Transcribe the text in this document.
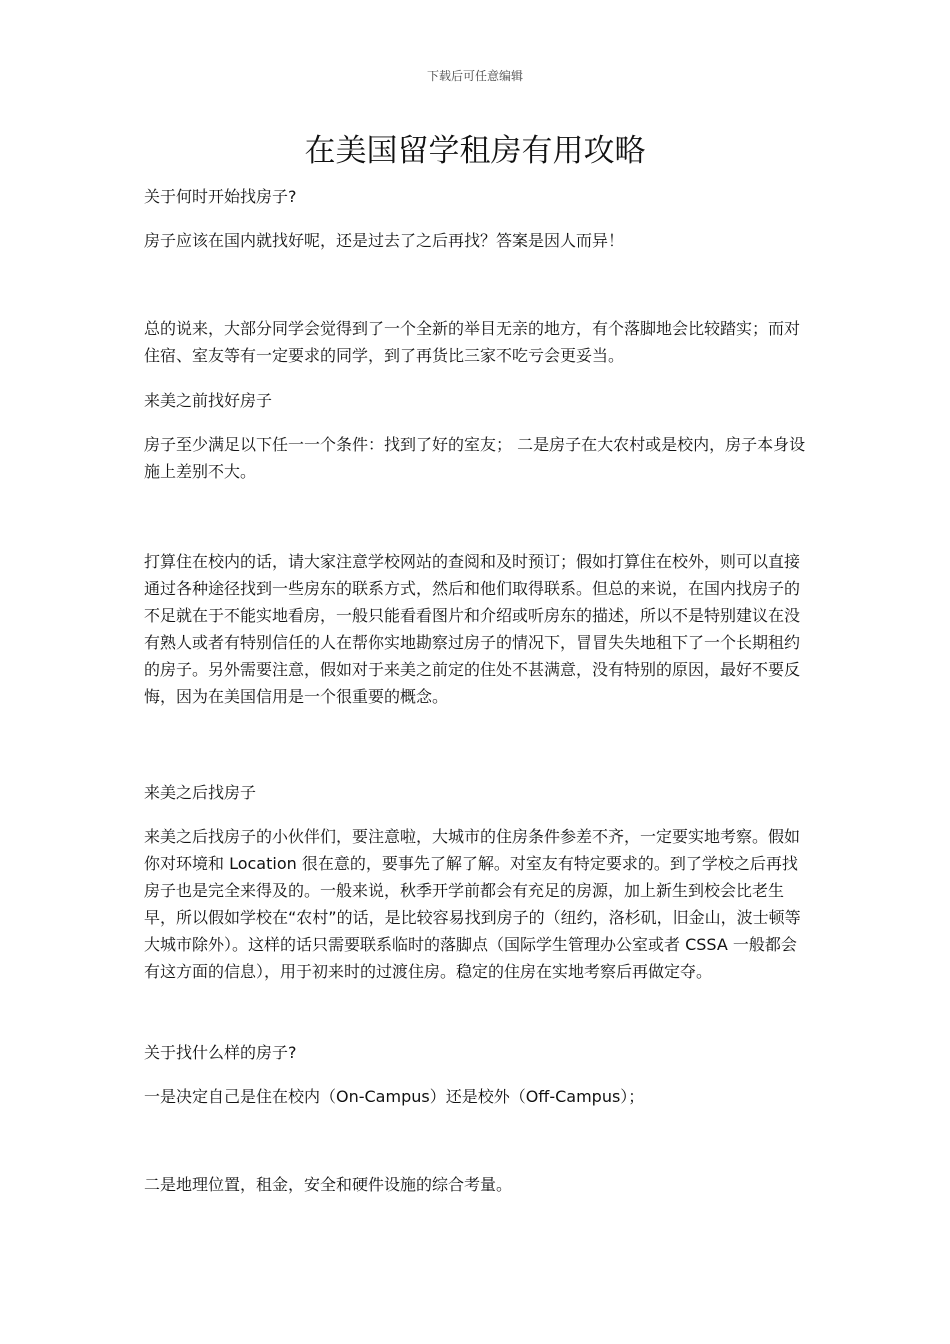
下载后可任意编辑
在美国留学租房有用攻略

关于何时开始找房子?

房子应该在国内就找好呢，还是过去了之后再找？答案是因人而异！

总的说来，大部分同学会觉得到了一个全新的举目无亲的地方，有个落脚地会比较踏实；而对住宿、室友等有一定要求的同学，到了再货比三家不吃亏会更妥当。

来美之前找好房子

房子至少满足以下任一一个条件：找到了好的室友； 二是房子在大农村或是校内，房子本身设施上差别不大。

打算住在校内的话，请大家注意学校网站的查阅和及时预订；假如打算住在校外，则可以直接通过各种途径找到一些房东的联系方式，然后和他们取得联系。但总的来说，在国内找房子的不足就在于不能实地看房，一般只能看看图片和介绍或听房东的描述，所以不是特别建议在没有熟人或者有特别信任的人在帮你实地勘察过房子的情况下，冒冒失失地租下了一个长期租约的房子。另外需要注意，假如对于来美之前定的住处不甚满意，没有特别的原因，最好不要反悔，因为在美国信用是一个很重要的概念。

来美之后找房子

来美之后找房子的小伙伴们，要注意啦，大城市的住房条件参差不齐，一定要实地考察。假如你对环境和 Location 很在意的，要事先了解了解。对室友有特定要求的。到了学校之后再找房子也是完全来得及的。一般来说，秋季开学前都会有充足的房源，加上新生到校会比老生早，所以假如学校在“农村”的话，是比较容易找到房子的（纽约，洛杉矶，旧金山，波士顿等大城市除外）。这样的话只需要联系临时的落脚点（国际学生管理办公室或者 CSSA 一般都会有这方面的信息），用于初来时的过渡住房。稳定的住房在实地考察后再做定夺。

关于找什么样的房子?

一是决定自己是住在校内（On-Campus）还是校外（Off-Campus）；

二是地理位置，租金，安全和硬件设施的综合考量。
